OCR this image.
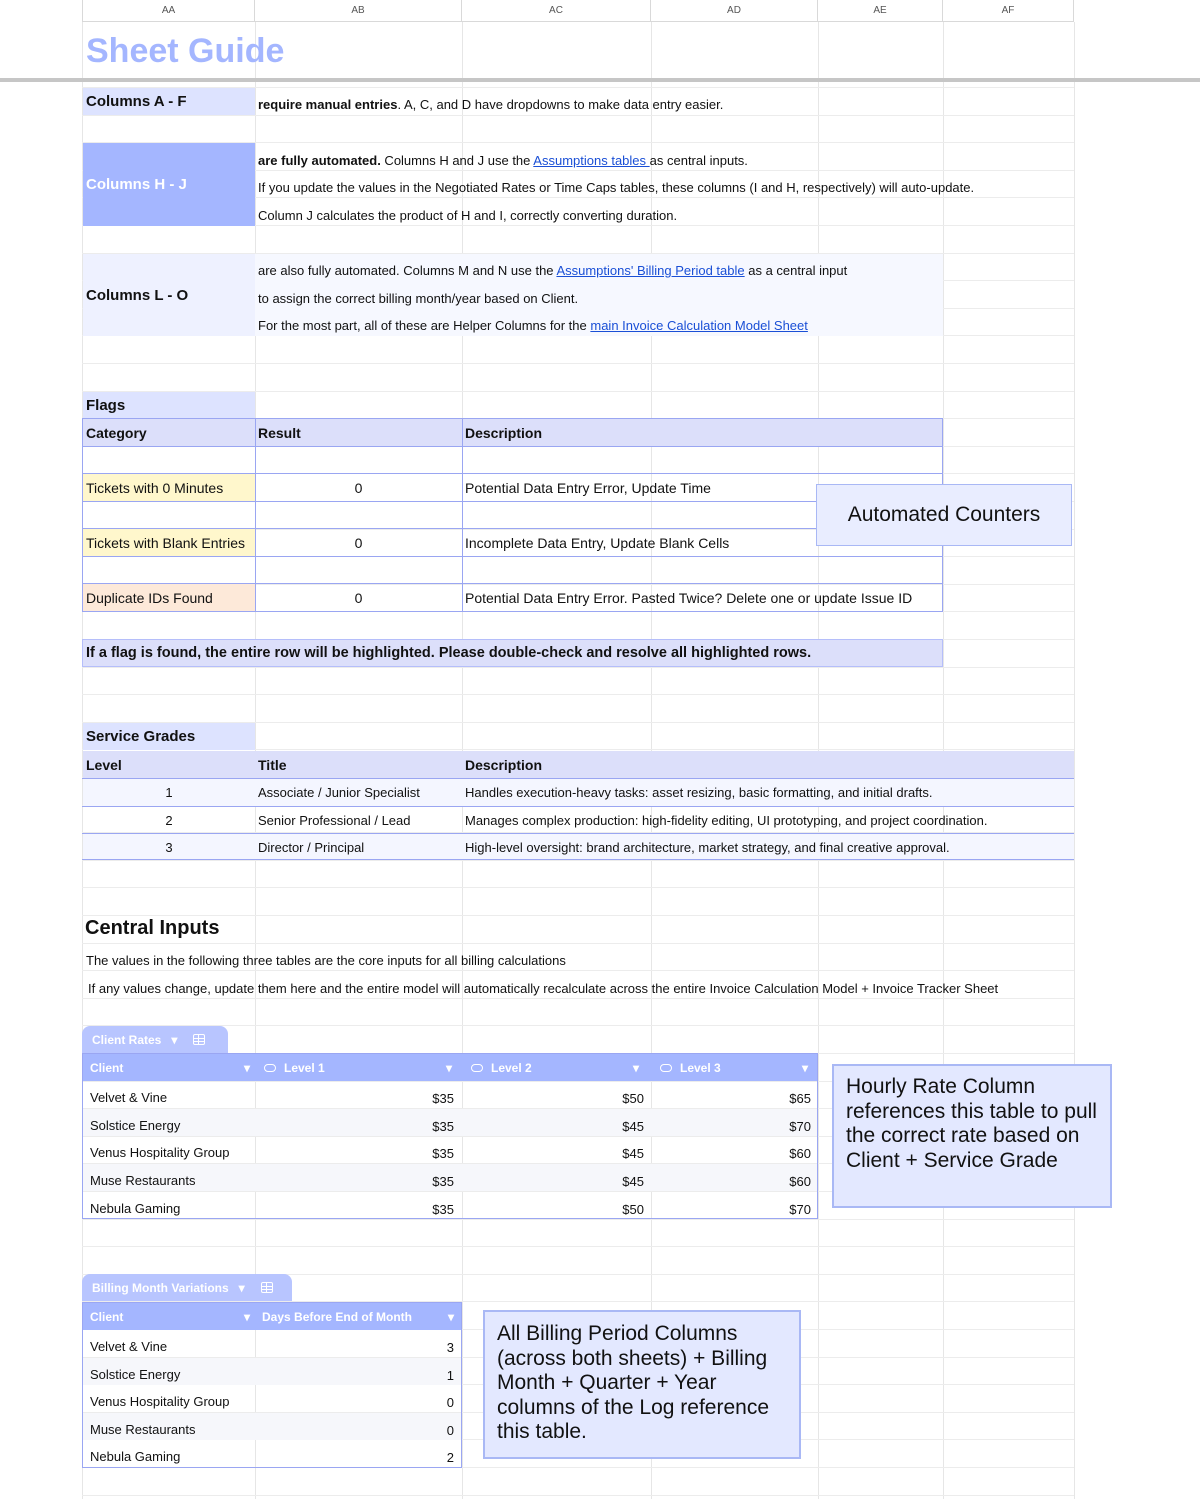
AA	AB	AC	AD	AE	AF
Sheet Guide
Columns A - F	require manual entries. A, C, and D have dropdowns to make data entry easier.
Columns H - J
are fully automated. Columns H and J use the Assumptions tables as central inputs.
If you update the values in the Negotiated Rates or Time Caps tables, these columns (I and H, respectively) will auto-update.
Column J calculates the product of H and I, correctly converting duration.
Columns L - O
are also fully automated. Columns M and N use the Assumptions' Billing Period table as a central input
to assign the correct billing month/year based on Client.
For the most part, all of these are Helper Columns for the main Invoice Calculation Model Sheet
Flags
Category	Result	Description
Tickets with 0 Minutes	0	Potential Data Entry Error, Update Time
Tickets with Blank Entries	0	Incomplete Data Entry, Update Blank Cells
Duplicate IDs Found	0	Potential Data Entry Error. Pasted Twice? Delete one or update Issue ID
Automated Counters
If a flag is found, the entire row will be highlighted. Please double-check and resolve all highlighted rows.
Service Grades
Level	Title	Description
1	Associate / Junior Specialist	Handles execution-heavy tasks: asset resizing, basic formatting, and initial drafts.
2	Senior Professional / Lead	Manages complex production: high-fidelity editing, UI prototyping, and project coordination.
3	Director / Principal	High-level oversight: brand architecture, market strategy, and final creative approval.
Central Inputs
The values in the following three tables are the core inputs for all billing calculations
If any values change, update them here and the entire model will automatically recalculate across the entire Invoice Calculation Model + Invoice Tracker Sheet
Client Rates ▾
Client	▾	Level 1	▾	Level 2	▾	Level 3	▾
Velvet & Vine	$35	$50	$65
Solstice Energy	$35	$45	$70
Venus Hospitality Group	$35	$45	$60
Muse Restaurants	$35	$45	$60
Nebula Gaming	$35	$50	$70
Hourly Rate Column references this table to pull the correct rate based on Client + Service Grade
Billing Month Variations ▾
Client	▾ Days Before End of Month	▾
Velvet & Vine	3
Solstice Energy	1
Venus Hospitality Group	0
Muse Restaurants	0
Nebula Gaming	2
All Billing Period Columns (across both sheets) + Billing Month + Quarter + Year columns of the Log reference this table.
